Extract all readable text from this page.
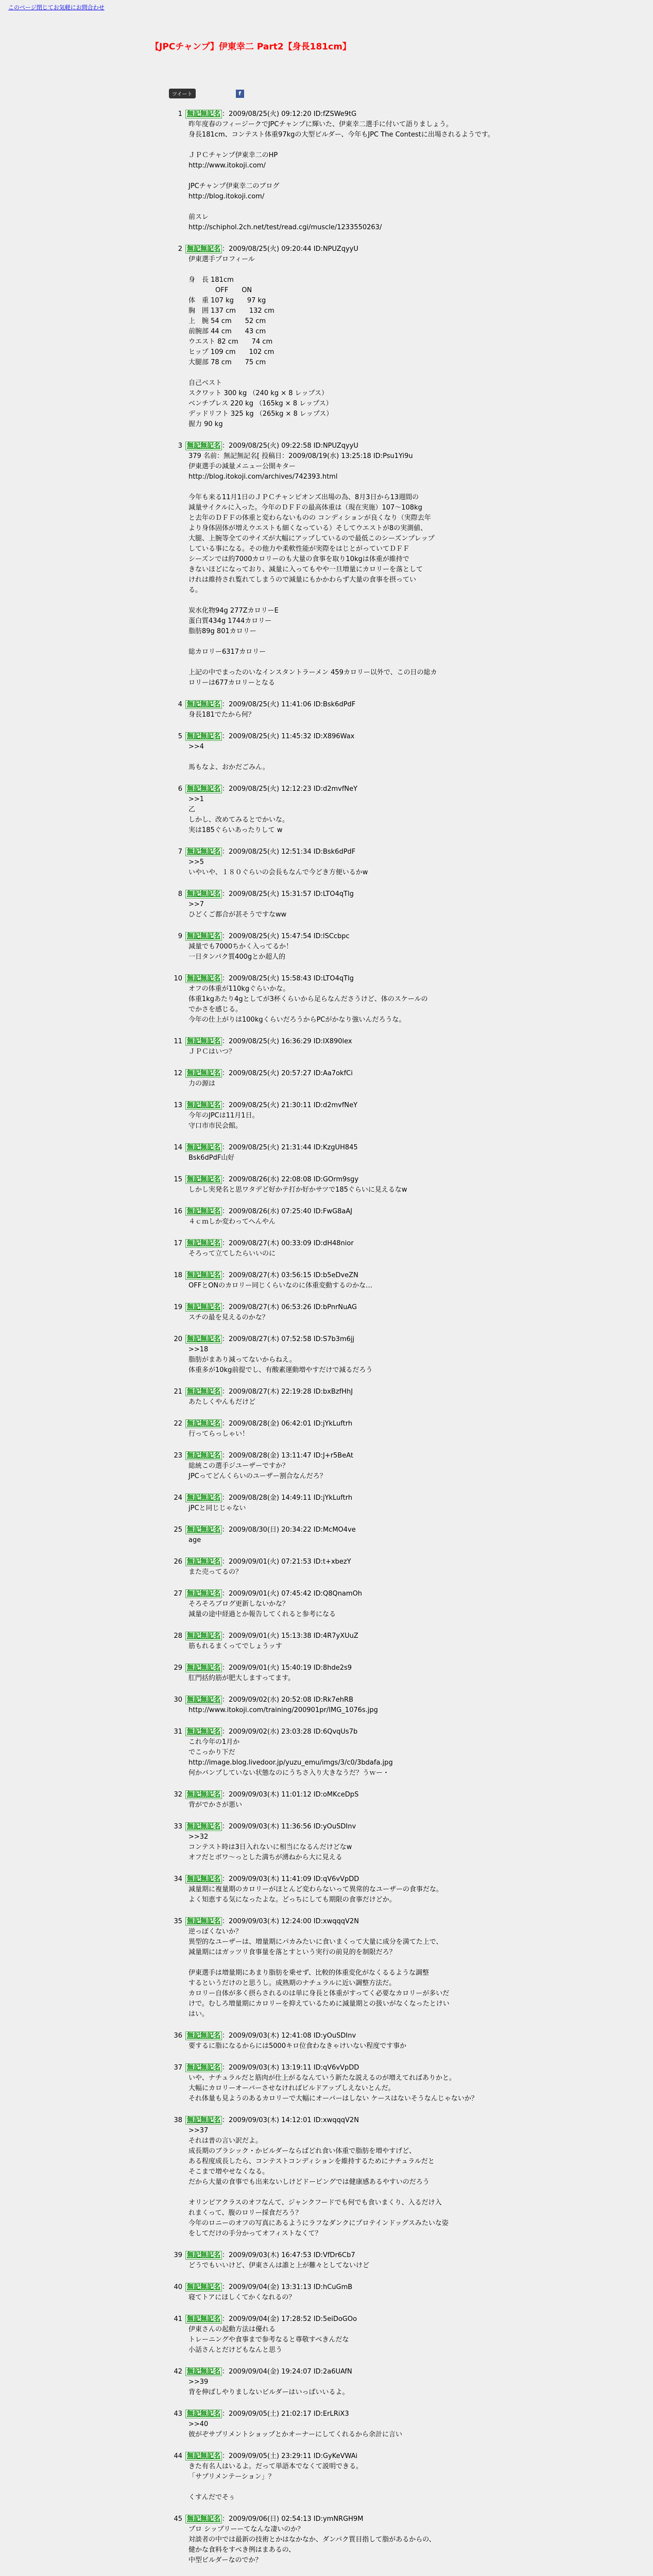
このページ閉じてお気軽にお問合わせ
【JPCチャンプ】伊東幸二 Part2【身長181cm】
ツイート	f
1 無記無記名 ：2009/08/25(火) 09:12:20 ID:fZSWe9tG
昨年度春のフィージークでJPCチャンプに輝いた、伊東幸二選手に付いて語りましょう。
身長181cm、コンテスト体重97kgの大型ビルダー、今年もJPC The Contestに出場されるようです。

ＪＰＣチャンプ伊東幸二のHP
http://www.itokoji.com/

JPCチャンプ伊東幸二のブログ
http://blog.itokoji.com/

前スレ
http://schiphol.2ch.net/test/read.cgi/muscle/1233550263/
2 無記無記名 ：2009/08/25(火) 09:20:44 ID:NPUZqyyU
伊東選手プロフィール

身　長 181cm
　　　　OFF　　ON
体　重 107 kg　　97 kg
胸　囲 137 cm　　132 cm
上　腕 54 cm　　52 cm
前腕部 44 cm　　43 cm
ウエスト 82 cm　　74 cm
ヒップ 109 cm　　102 cm
大腿部 78 cm　　75 cm

自己ベスト
スクワット 300 kg （240 kg × 8 レップス）
ベンチプレス 220 kg （165kg × 8 レップス）
デッドリフト 325 kg （265kg × 8 レップス）
握力 90 kg
3 無記無記名 ：2009/08/25(火) 09:22:58 ID:NPUZqyyU
379 名前：無記無記名[ 投稿日：2009/08/19(水) 13:25:18 ID:Psu1Yi9u
伊東選手の減量メニュー公開キター
http://blog.itokoji.com/archives/742393.html

今年も来る11月1日のＪＰＣチャンピオンズ出場の為、8月3日から13週間の
減量サイクルに入った。今年のＤＦＦの最高体重は（現在実施）107〜108kg
と去年のＤＦＦの体重と変わらないものの コンディションが良くなり（実際去年
より身体固体が増えウエストも細くなっている）そしてウエストが8の実測値、
大腿、上腕等全てのサイズが大幅にアップしているので最低このシーズンプレップ
している事になる。その他力や柔軟性能が実際をはじとがっていてＤＦＦ
シーズンでは約7000カロリーのも大量の食事を取り10kgは体重が維持で
きないほどになっており、減量に入ってもやや一旦増量にカロリーを落として
けれは維持され覧れてしまうので減量にもかかわらず大量の食事を摂ってい
る。

炭水化物94g 277ZカロリーE
蛋白質434g 1744カロリー
脂肪89g 801カロリー

総カロリー6317カロリー

上記の中でまったのいなインスタントラーメン 459カロリー以外で、この日の総カ
ロリーは677カロリーとなる
4 無記無記名 ：2009/08/25(火) 11:41:06 ID:Bsk6dPdF
身長181でたから何？
5 無記無記名 ：2009/08/25(火) 11:45:32 ID:X896Wax
>>4

馬もなよ、おかだごみん。
6 無記無記名 ：2009/08/25(火) 12:12:23 ID:d2mvfNeY
>>1
乙
しかし、改めてみるとでかいな。
実は185ぐらいあったりして w
7 無記無記名 ：2009/08/25(火) 12:51:34 ID:Bsk6dPdF
>>5
いやいや、１８０ぐらいの会長もなんで今どき方便いるかw
8 無記無記名 ：2009/08/25(火) 15:31:57 ID:LTO4qTlg
>>7
ひどくご都合が甚そうですなww
9 無記無記名 ：2009/08/25(火) 15:47:54 ID:lSCcbpc
減量でも7000ちかく入ってるか！
一日タンパク質400gとか超人的
10 無記無記名 ：2009/08/25(火) 15:58:43 ID:LTO4qTlg
オフの体重が110kgぐらいかな。
体重1kgあたり4gとしてが3杯くらいから足らなんださうけど、体のスケールの
でかさを感じる。
今年の仕上がりは100kgくらいだろうからPCがかなり強いんだろうな。
11 無記無記名 ：2009/08/25(火) 16:36:29 ID:IX890lex
ＪＰＣはいつ？
12 無記無記名 ：2009/08/25(火) 20:57:27 ID:Aa7okfCi
力の源は
13 無記無記名 ：2009/08/25(火) 21:30:11 ID:d2mvfNeY
今年のJPCは11月1日。
守口市市民会館。
14 無記無記名 ：2009/08/25(火) 21:31:44 ID:KzgUH845
Bsk6dPdF山好
15 無記無記名 ：2009/08/26(水) 22:08:08 ID:GOrm9sgy
しかし実発名と思ワタデど好かテ打か好かサツで185ぐらいに見えるなw
16 無記無記名 ：2009/08/26(水) 07:25:40 ID:FwG8aAJ
４ｃｍしか変わってへんやん
17 無記無記名 ：2009/08/27(木) 00:33:09 ID:dH48nior
そろって立てしたらいいのに
18 無記無記名 ：2009/08/27(木) 03:56:15 ID:b5eDveZN
OFFとONのカロリー同じくらいなのに体重変動するのかな…
19 無記無記名 ：2009/08/27(木) 06:53:26 ID:bPnrNuAG
スチの最を見えるのかな？
20 無記無記名 ：2009/08/27(木) 07:52:58 ID:S7b3m6jj
>>18
脂肪がまあり減ってないからねえ。
体重多が10kg前提でし、有酸素運動増やすだけで減るだろう
21 無記無記名 ：2009/08/27(木) 22:19:28 ID:bxBzfHhJ
あたしくやんもだけど
22 無記無記名 ：2009/08/28(金) 06:42:01 ID:jYkLuftrh
行ってらっしゃい！
23 無記無記名 ：2009/08/28(金) 13:11:47 ID:J+r5BeAt
総統この選手ジユーザーですか？
JPCってどんくらいのユーザー割合なんだろ？
24 無記無記名 ：2009/08/28(金) 14:49:11 ID:jYkLuftrh
jPCと同じじゃない
25 無記無記名 ：2009/08/30(日) 20:34:22 ID:McMO4ve
age
26 無記無記名 ：2009/09/01(火) 07:21:53 ID:t+xbezY
また売ってるの？
27 無記無記名 ：2009/09/01(火) 07:45:42 ID:Q8QnamOh
そろそろブログ更新しないかな？
減量の途中経過とか報告してくれると参考になる
28 無記無記名 ：2009/09/01(火) 15:13:38 ID:4R7yXUuZ
筋もれるまくってでしょうッす
29 無記無記名 ：2009/09/01(火) 15:40:19 ID:8hde2s9
肛門括約筋が肥大しますってます。
30 無記無記名 ：2009/09/02(水) 20:52:08 ID:Rk7ehRB
http://www.itokoji.com/training/200901pr/IMG_1076s.jpg
31 無記無記名 ：2009/09/02(水) 23:03:28 ID:6QvqUs7b
これ今年の1月か
でこっかり下だ
http://image.blog.livedoor.jp/yuzu_emu/imgs/3/c0/3bdafa.jpg
何かバンプしていない状態なのにうちさ入り大きなうだ？うｗー・
32 無記無記名 ：2009/09/03(木) 11:01:12 ID:oMKceDpS
背がでかさが悪い
33 無記無記名 ：2009/09/03(木) 11:36:56 ID:yOuSDInv
>>32
コンテスト時は3日入れないに相当になるんだけどなw
オフだとボワ～っとした満ちが湧ねから大に見える
34 無記無記名 ：2009/09/03(木) 11:41:09 ID:qV6vVpDD
減量期に複量期のカロリーがほとんど変わらないって異常的なユーザーの食事だな。
よく知恵する気になったよな。どっちにしても期限の食事だけどか。
35 無記無記名 ：2009/09/03(木) 12:24:00 ID:xwqqqV2N
逆っぽくないか？
異型的なユーザーは、増量期にパカみたいに食いまくって大量に成分を満てた上で、
減量期にはガッツリ食事量を落とすという実行の前見的を制限だろ？

伊東選手は増量期にあまり脂肪を乗せず、比較的体重変化がなくるるような調整
するというだけのと思うし。成熟期のナチュラルに近い調整方法だ。
カロリー自体が多く摂らされるのは単に身長と体重がすってく必要なカロリーが多いだ
けで。むしろ増量期にカロリーを抑えているために減量期との扱いがなくなったとけい
はい。
36 無記無記名 ：2009/09/03(木) 12:41:08 ID:yOuSDInv
要するに脂になるからには5000キロ位食わなきゃけいない程度です事か
37 無記無記名 ：2009/09/03(木) 13:19:11 ID:qV6vVpDD
いや、ナチュラルだと筋肉が仕上がるなんていう新たな説えるのが増えてればありかと。
大幅にカロリーオーバーさせなければビルドアップしえないとんだ。
それ体量も見ようのあるカロリーで大幅にオーバーはしない ケースはないそうなんじゃないか？
38 無記無記名 ：2009/09/03(木) 14:12:01 ID:xwqqqV2N
>>37
それは普の言い訳だよ。
成長期のブラシック・かビルダーならばどれ食い体重で脂肪を増やすげど、
ある程度成長したら、コンテストコンディションを維持するためにナチュラルだと
そこまで増やせなくなる。
だから大量の食事でも出来ないしけどドーピングでは健康感あるやすいのだろう

オリンピアクラスのオフなんて、ジャンクフードでも何でも食いまくり、入るだけ入
れまくって、腹のロリー採食だろう？
今年のロニーのオフの写真にあるようにラフなダンクにプロテインドッグスみたいな姿
をしてだけの手分かってオフィストなくて？
39 無記無記名 ：2009/09/03(木) 16:47:53 ID:VfDr6Cb7
どうでもいいけど、伊東さんは誰と上が難々としてないけど
40 無記無記名 ：2009/09/04(金) 13:31:13 ID:hCuGmB
寝てトアにほしくてかくなれるの？
41 無記無記名 ：2009/09/04(金) 17:28:52 ID:5eiDoGOo
伊東さんの起動方法は優れる
トレーニングや食事まで参考なると尊敬すべきんだな
小話さんとだけどもなんと思う
42 無記無記名 ：2009/09/04(金) 19:24:07 ID:2a6UAfN
>>39
背を伸ばしやりましないビルダーはいっばいいるよ。
43 無記無記名 ：2009/09/05(土) 21:02:17 ID:ErLRiX3
>>40
彼がぞサプリメントショップとかオーナーにしてくれるから余計に言い
44 無記無記名 ：2009/09/05(土) 23:29:11 ID:GyKeVWAi
きた有名人はいるよ。だって単語本でなくて説明できる。
「サプリメンテーション」？

くすんだでそぅ
45 無記無記名 ：2009/09/06(日) 02:54:13 ID:ymNRGH9M
プロ シップリーーてなんな凄いのか？
対談者の中では最新の技術とかはなかなか、ダンパク質目指して脂があるからの、
健かな食料をすべき例はまあるの、
中型ビルダーなのでか？
